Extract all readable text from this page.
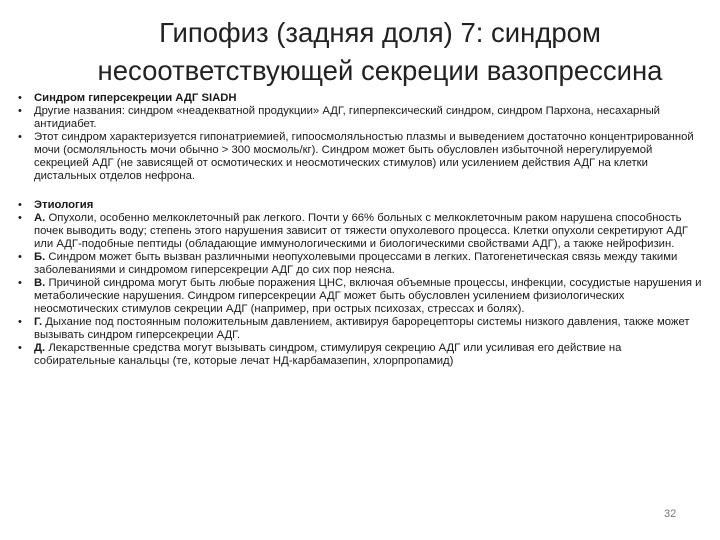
Гипофиз (задняя доля) 7: синдром
несоответствующей секреции вазопрессина
• Синдром гиперсекреции АДГ SIADH
• Другие названия: синдром «неадекватной продукции» АДГ, гиперпексический синдром, синдром Пархона, несахарный антидиабет.
• Этот синдром характеризуется гипонатриемией, гипоосмоляльностью плазмы и выведением достаточно концентрированной мочи (осмоляльность мочи обычно > 300 мосмоль/кг). Синдром может быть обусловлен избыточной нерегулируемой секрецией АДГ (не зависящей от осмотических и неосмотических стимулов) или усилением действия АДГ на клетки дистальных отделов нефрона.
• Этиология
• А. Опухоли, особенно мелкоклеточный рак легкого. Почти у 66% больных с мелкоклеточным раком нарушена способность почек выводить воду; степень этого нарушения зависит от тяжести опухолевого процесса. Клетки опухоли секретируют АДГ или АДГ-подобные пептиды (обладающие иммунологическими и биологическими свойствами АДГ), а также нейрофизин.
• Б. Синдром может быть вызван различными неопухолевыми процессами в легких. Патогенетическая связь между такими заболеваниями и синдромом гиперсекреции АДГ до сих пор неясна.
• В. Причиной синдрома могут быть любые поражения ЦНС, включая объемные процессы, инфекции, сосудистые нарушения и метаболические нарушения. Синдром гиперсекреции АДГ может быть обусловлен усилением физиологических неосмотических стимулов секреции АДГ (например, при острых психозах, стрессах и болях).
• Г. Дыхание под постоянным положительным давлением, активируя барорецепторы системы низкого давления, также может вызывать синдром гиперсекреции АДГ.
• Д. Лекарственные средства могут вызывать синдром, стимулируя секрецию АДГ или усиливая его действие на собирательные канальцы (те, которые лечат НД-карбамазепин, хлорпропамид)
32
